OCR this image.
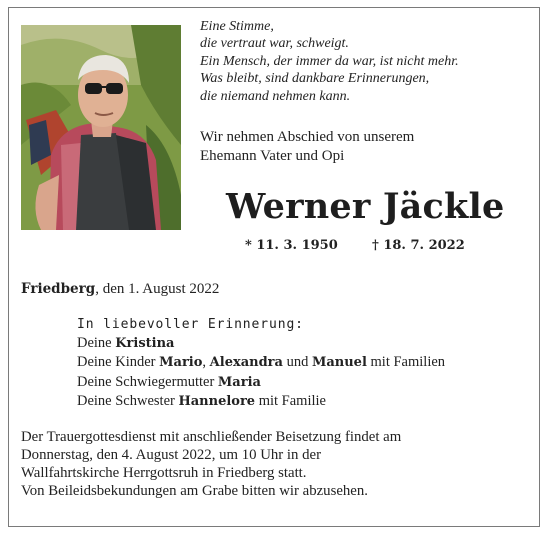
Eine Stimme,
die vertraut war, schweigt.
Ein Mensch, der immer da war, ist nicht mehr.
Was bleibt, sind dankbare Erinnerungen,
die niemand nehmen kann.
Wir nehmen Abschied von unserem
Ehemann Vater und Opi
Werner Jäckle
* 11. 3. 1950	† 18. 7. 2022
Friedberg, den 1. August 2022
In liebevoller Erinnerung:
Deine Kristina
Deine Kinder Mario, Alexandra und Manuel mit Familien
Deine Schwiegermutter Maria
Deine Schwester Hannelore mit Familie
Der Trauergottesdienst mit anschließender Beisetzung findet am
Donnerstag, den 4. August 2022, um 10 Uhr in der
Wallfahrtskirche Herrgottsruh in Friedberg statt.
Von Beileidsbekundungen am Grabe bitten wir abzusehen.
